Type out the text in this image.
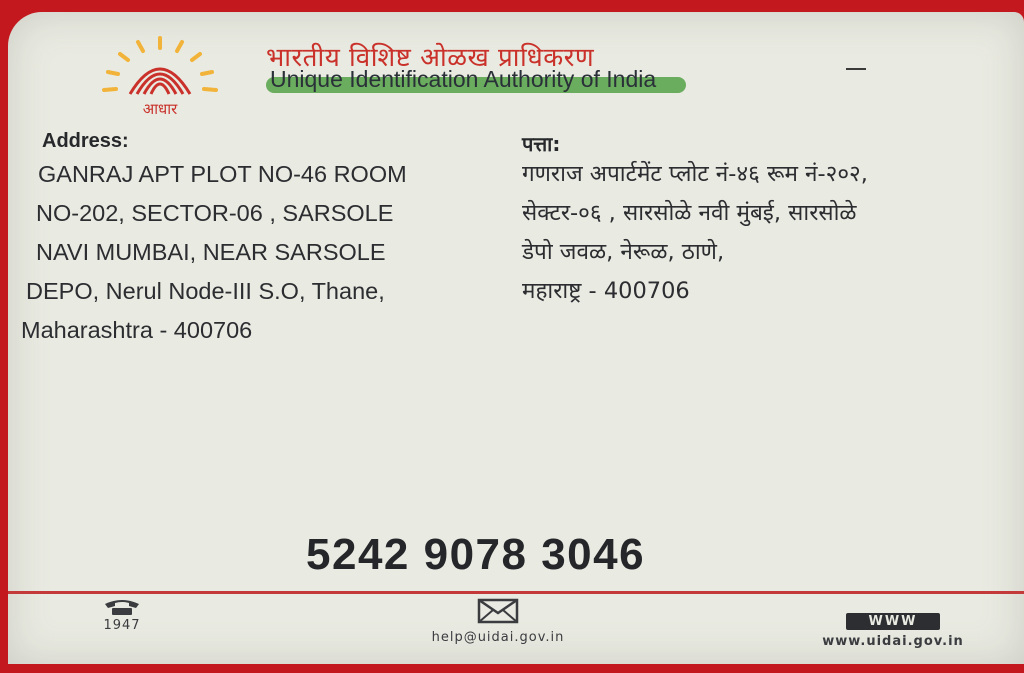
आधार
भारतीय विशिष्ट ओळख प्राधिकरण
Unique Identification Authority of India
Address:
GANRAJ APT PLOT NO-46 ROOM
NO-202, SECTOR-06 , SARSOLE
NAVI MUMBAI, NEAR SARSOLE
DEPO, Nerul Node-III S.O, Thane,
Maharashtra - 400706
पत्ता:
गणराज अपार्टमेंट प्लोट नं-४६ रूम नं-२०२,
सेक्टर-०६ , सारसोळे नवी मुंबई, सारसोळे
डेपो जवळ, नेरूळ, ठाणे,
महाराष्ट्र - 400706
5242 9078 3046
1947
help@uidai.gov.in
WWW
www.uidai.gov.in
